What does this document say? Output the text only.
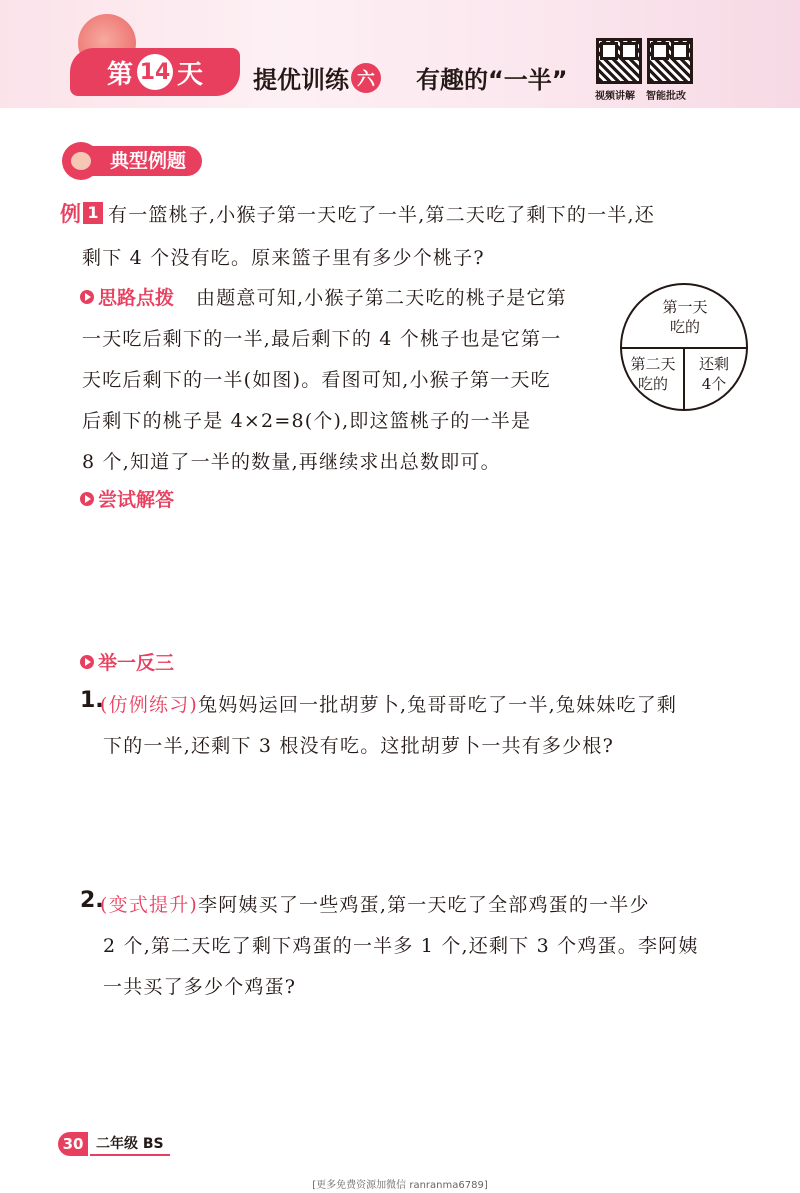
第 14 天 提优训练 六 有趣的“一半”
视频讲解 智能批改
典型例题
例 1 有一篮桃子,小猴子第一天吃了一半,第二天吃了剩下的一半,还
剩下 4 个没有吃。原来篮子里有多少个桃子?
思路点拨 由题意可知,小猴子第二天吃的桃子是它第
一天吃后剩下的一半,最后剩下的 4 个桃子也是它第一
天吃后剩下的一半(如图)。看图可知,小猴子第一天吃
后剩下的桃子是 4×2=8(个),即这篮桃子的一半是
8 个,知道了一半的数量,再继续求出总数即可。
第一天
吃的
第二天
吃的
还剩
4个
尝试解答
举一反三
1.
(仿例练习)兔妈妈运回一批胡萝卜,兔哥哥吃了一半,兔妹妹吃了剩
下的一半,还剩下 3 根没有吃。这批胡萝卜一共有多少根?
2.
(变式提升)李阿姨买了一些鸡蛋,第一天吃了全部鸡蛋的一半少
2 个,第二天吃了剩下鸡蛋的一半多 1 个,还剩下 3 个鸡蛋。李阿姨
一共买了多少个鸡蛋?
30 二年级 BS
[更多免费资源加微信 ranranma6789]
